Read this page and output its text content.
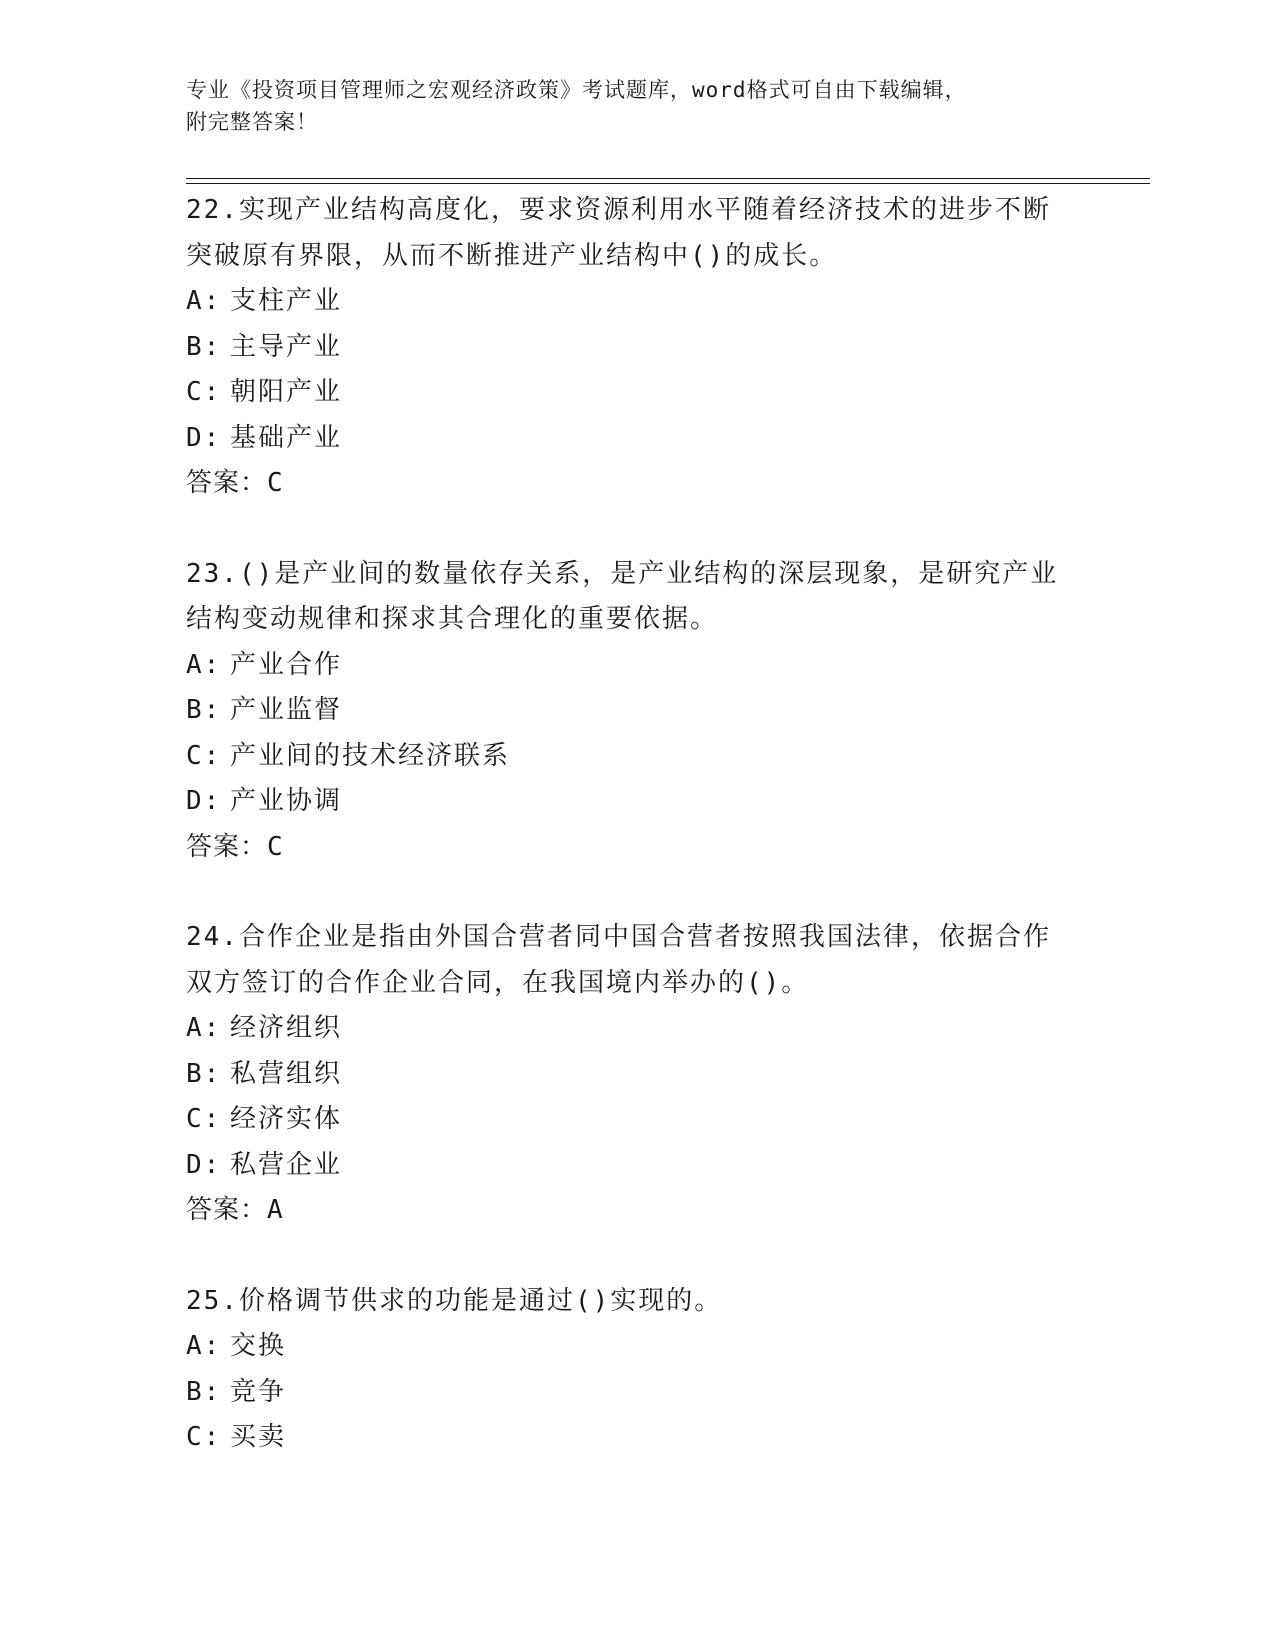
专业《投资项目管理师之宏观经济政策》考试题库，word格式可自由下载编辑，
附完整答案！
22.实现产业结构高度化，要求资源利用水平随着经济技术的进步不断
突破原有界限，从而不断推进产业结构中()的成长。
A: 支柱产业
B: 主导产业
C: 朝阳产业
D: 基础产业
答案：C
23.()是产业间的数量依存关系，是产业结构的深层现象，是研究产业
结构变动规律和探求其合理化的重要依据。
A: 产业合作
B: 产业监督
C: 产业间的技术经济联系
D: 产业协调
答案：C
24.合作企业是指由外国合营者同中国合营者按照我国法律，依据合作
双方签订的合作企业合同，在我国境内举办的()。
A: 经济组织
B: 私营组织
C: 经济实体
D: 私营企业
答案：A
25.价格调节供求的功能是通过()实现的。
A: 交换
B: 竞争
C: 买卖
